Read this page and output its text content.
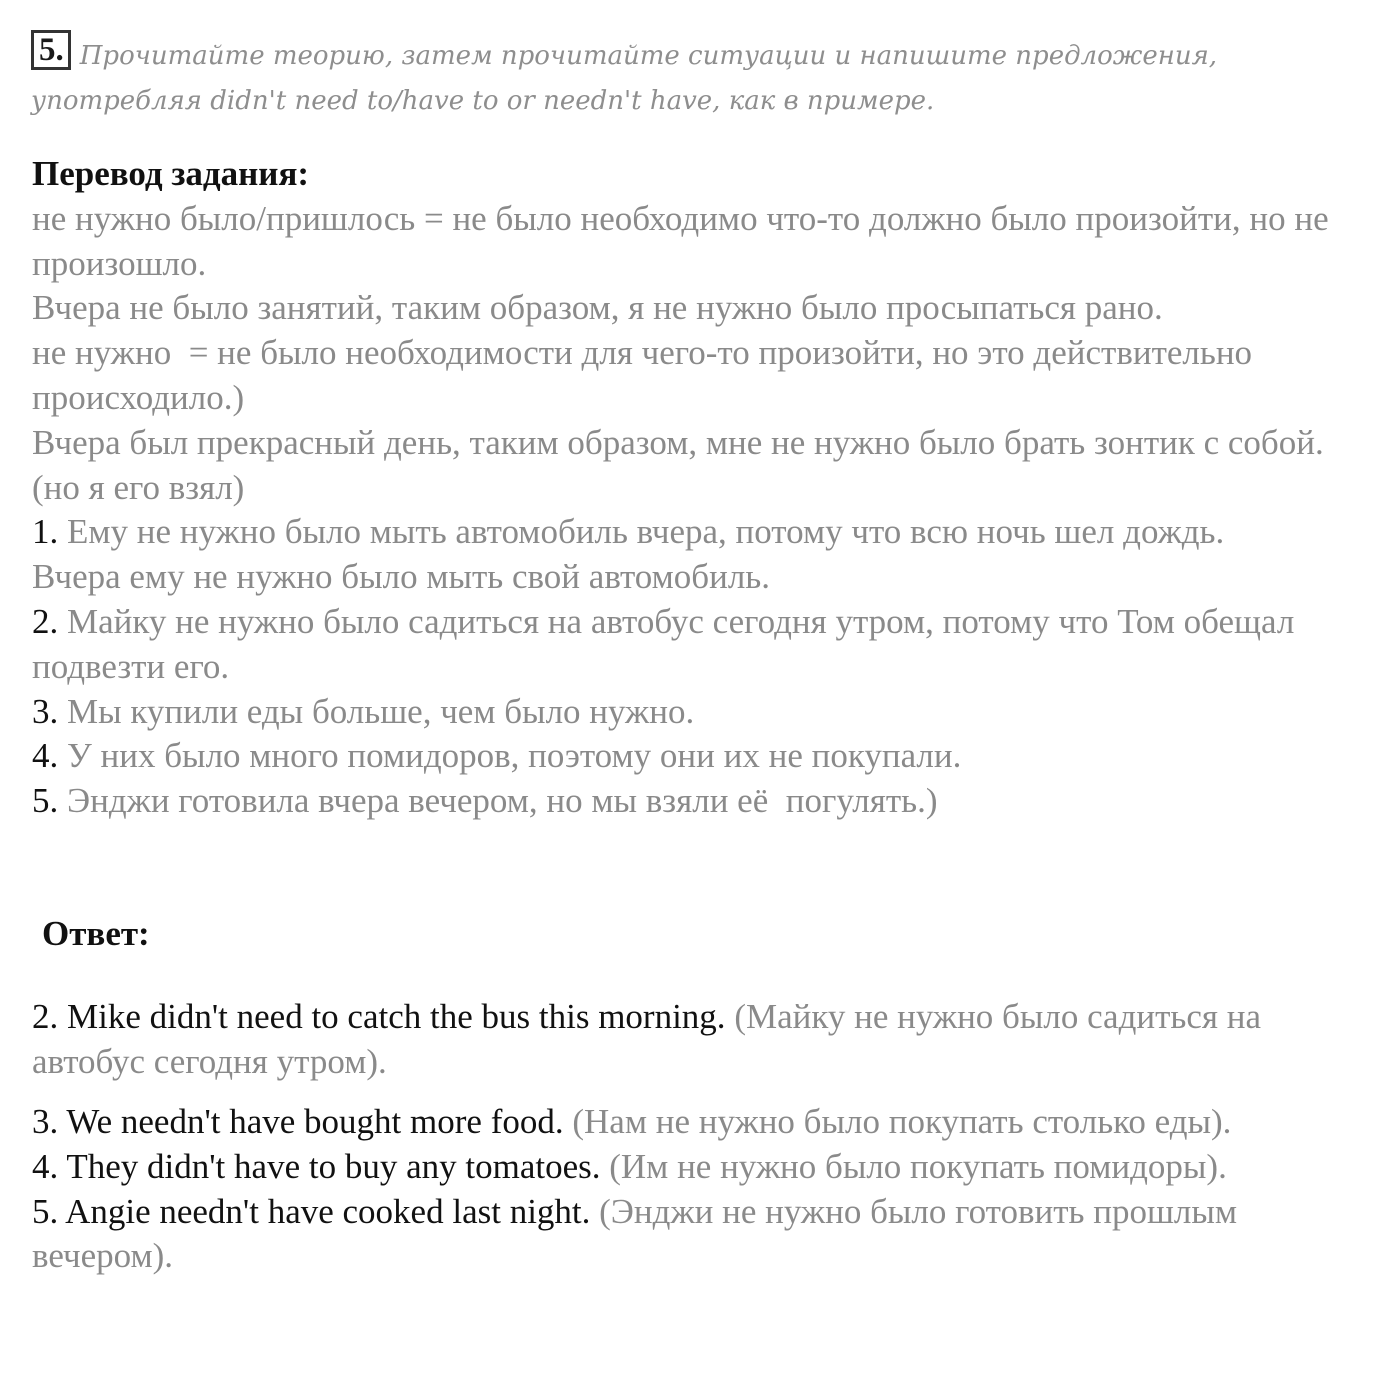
5. Прочитайте теорию, затем прочитайте ситуации и напишите предложения, употребляя didn't need to/have to or needn't have, как в примере.
Перевод задания:
не нужно было/пришлось = не было необходимо что-то должно было произойти, но не произошло.
Вчера не было занятий, таким образом, я не нужно было просыпаться рано.
не нужно  = не было необходимости для чего-то произойти, но это действительно происходило.)
Вчера был прекрасный день, таким образом, мне не нужно было брать зонтик с собой. (но я его взял)
1. Ему не нужно было мыть автомобиль вчера, потому что всю ночь шел дождь.
Вчера ему не нужно было мыть свой автомобиль.
2. Майку не нужно было садиться на автобус сегодня утром, потому что Том обещал подвезти его.
3. Мы купили еды больше, чем было нужно.
4. У них было много помидоров, поэтому они их не покупали.
5. Энджи готовила вчера вечером, но мы взяли её  погулять.)
Ответ:
2. Mike didn't need to catch the bus this morning. (Майку не нужно было садиться на автобус сегодня утром).
3. We needn't have bought more food. (Нам не нужно было покупать столько еды).
4. They didn't have to buy any tomatoes. (Им не нужно было покупать помидоры).
5. Angie needn't have cooked last night. (Энджи не нужно было готовить прошлым вечером).
